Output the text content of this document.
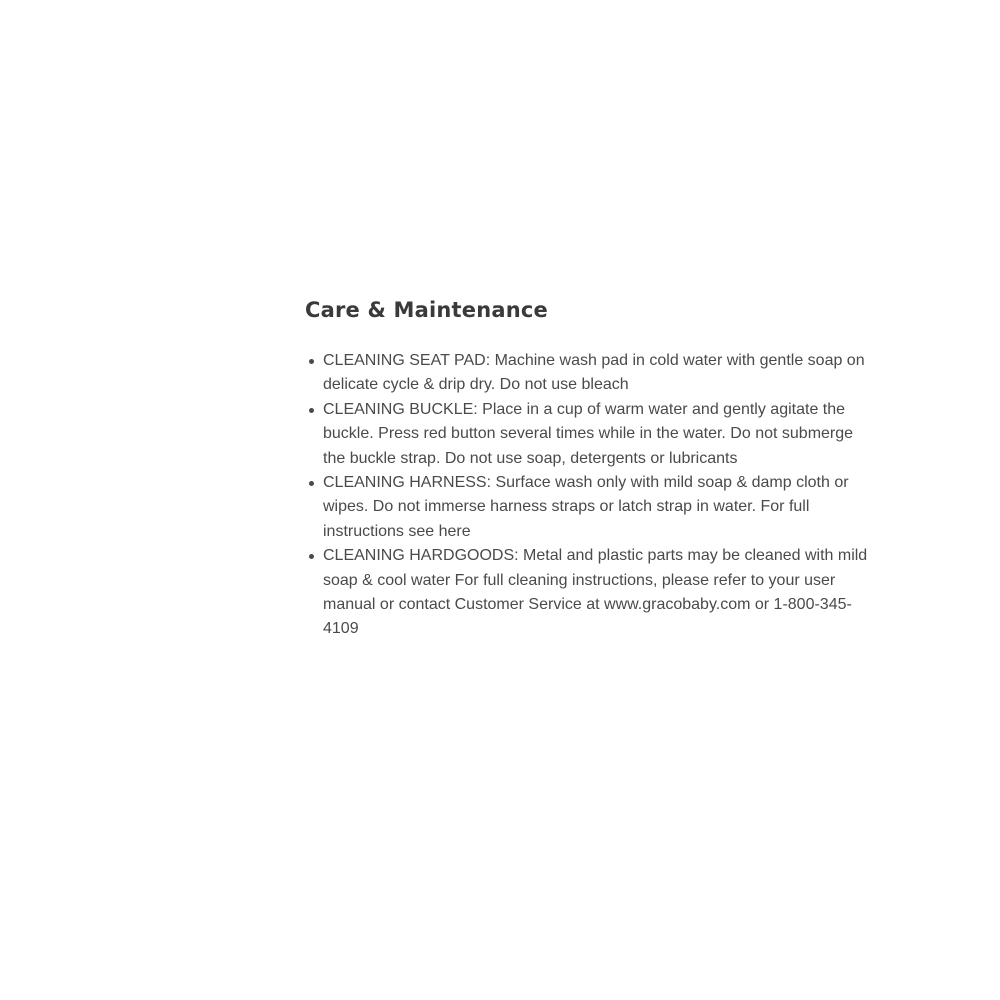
Care & Maintenance
CLEANING SEAT PAD: Machine wash pad in cold water with gentle soap on delicate cycle & drip dry. Do not use bleach
CLEANING BUCKLE: Place in a cup of warm water and gently agitate the buckle. Press red button several times while in the water. Do not submerge the buckle strap. Do not use soap, detergents or lubricants
CLEANING HARNESS: Surface wash only with mild soap & damp cloth or wipes. Do not immerse harness straps or latch strap in water. For full instructions see here
CLEANING HARDGOODS: Metal and plastic parts may be cleaned with mild soap & cool water For full cleaning instructions, please refer to your user manual or contact Customer Service at www.gracobaby.com or 1-800-345-4109
